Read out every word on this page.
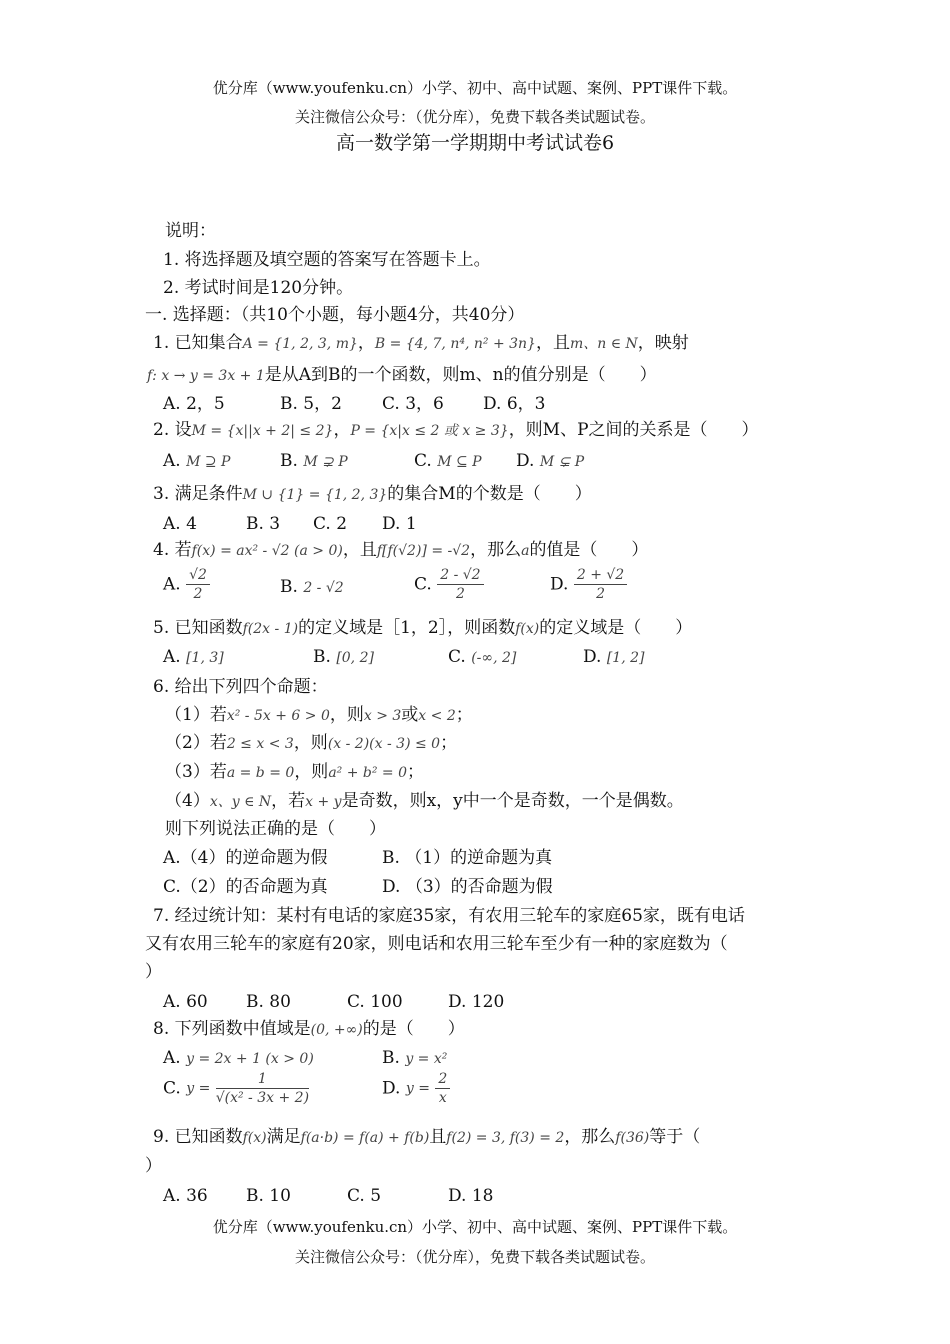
优分库（www.youfenku.cn）小学、初中、高中试题、案例、PPT课件下载。
关注微信公众号：（优分库），免费下载各类试题试卷。
高一数学第一学期期中考试试卷6
说明：
1. 将选择题及填空题的答案写在答题卡上。
2. 考试时间是120分钟。
一. 选择题：（共10个小题，每小题4分，共40分）
1. 已知集合A = {1, 2, 3, m}，B = {4, 7, n⁴, n² + 3n}，且m、n ∈ N，映射
f: x → y = 3x + 1是从A到B的一个函数，则m、n的值分别是（　　）
A. 2，5	B. 5，2 C. 3，6 D. 6，3
2. 设M = {x||x + 2| ≤ 2}，P = {x|x ≤ 2 或 x ≥ 3}，则M、P之间的关系是（　　）
A. M ⊇ P	B. M ⊋ P	C. M ⊆ P D. M ⊊ P
3. 满足条件M ∪ {1} = {1, 2, 3}的集合M的个数是（　　）
A. 4	B. 3 C. 2 D. 1
4. 若f(x) = ax² - √2 (a > 0)，且f[f(√2)] = -√2，那么a的值是（　　）
A. $\frac{√2}{2}$	B. 2 - √2	C. $\frac{2 - √2}{2}$	D. $\frac{2 + √2}{2}$
5. 已知函数f(2x - 1)的定义域是［1，2］，则函数f(x)的定义域是（　　）
A. [1, 3]	B. [0, 2]	C. (-∞, 2]	D. [1, 2]
6. 给出下列四个命题：
（1）若x² - 5x + 6 > 0，则x > 3或x < 2；
（2）若2 ≤ x < 3，则(x - 2)(x - 3) ≤ 0；
（3）若a = b = 0，则a² + b² = 0；
（4）x、y ∈ N，若x + y是奇数，则x，y中一个是奇数，一个是偶数。
则下列说法正确的是（　　）
A.（4）的逆命题为假	B. （1）的逆命题为真
C.（2）的否命题为真	D. （3）的否命题为假
7. 经过统计知：某村有电话的家庭35家，有农用三轮车的家庭65家，既有电话
又有农用三轮车的家庭有20家，则电话和农用三轮车至少有一种的家庭数为（
）
A. 60 B. 80	C. 100	D. 120
8. 下列函数中值域是(0, +∞)的是（　　）
A. y = 2x + 1 (x > 0)	B. y = x²
C. $y = \frac{1}{\text{√(x² - 3x + 2)}}$	D. $y = \frac{2}{x}$
9. 已知函数f(x)满足f(a·b) = f(a) + f(b)且f(2) = 3, f(3) = 2，那么f(36)等于（
）
A. 36 B. 10	C. 5	D. 18
优分库（www.youfenku.cn）小学、初中、高中试题、案例、PPT课件下载。
关注微信公众号：（优分库），免费下载各类试题试卷。
